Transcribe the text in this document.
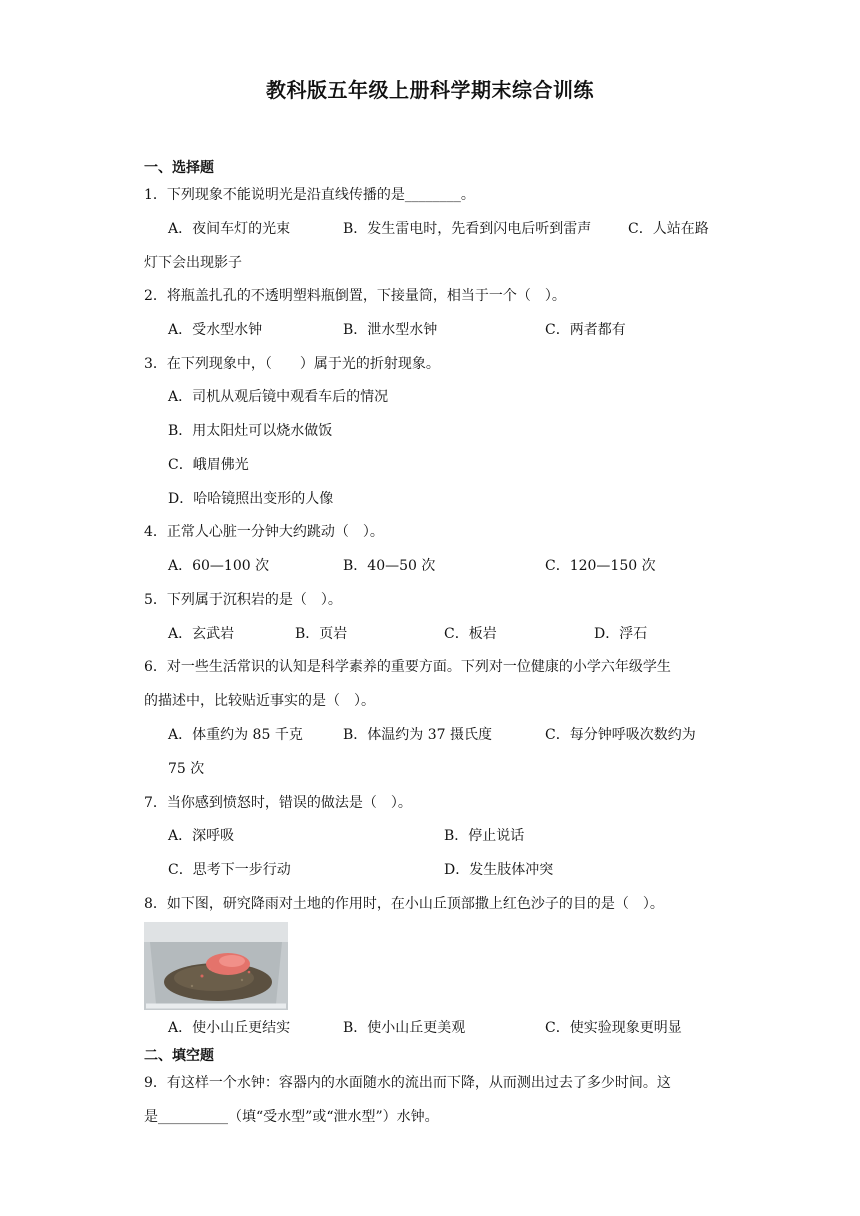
教科版五年级上册科学期末综合训练
一、选择题
1．下列现象不能说明光是沿直线传播的是________。
A．夜间车灯的光束	B．发生雷电时，先看到闪电后听到雷声	C．人站在路
灯下会出现影子
2．将瓶盖扎孔的不透明塑料瓶倒置，下接量筒，相当于一个（　）。
A．受水型水钟	B．泄水型水钟	C．两者都有
3．在下列现象中，（　　）属于光的折射现象。
A．司机从观后镜中观看车后的情况
B．用太阳灶可以烧水做饭
C．峨眉佛光
D．哈哈镜照出变形的人像
4．正常人心脏一分钟大约跳动（　）。
A．60—100 次	B．40—50 次	C．120—150 次
5．下列属于沉积岩的是（　）。
A．玄武岩	B．页岩	C．板岩	D．浮石
6．对一些生活常识的认知是科学素养的重要方面。下列对一位健康的小学六年级学生
的描述中，比较贴近事实的是（　）。
A．体重约为 85 千克	B．体温约为 37 摄氏度	C．每分钟呼吸次数约为
75 次
7．当你感到愤怒时，错误的做法是（　）。
A．深呼吸	B．停止说话
C．思考下一步行动	D．发生肢体冲突
8．如下图，研究降雨对土地的作用时，在小山丘顶部撒上红色沙子的目的是（　）。
A．使小山丘更结实	B．使小山丘更美观	C．使实验现象更明显
二、填空题
9．有这样一个水钟：容器内的水面随水的流出而下降，从而测出过去了多少时间。这
是__________（填“受水型”或“泄水型”）水钟。
